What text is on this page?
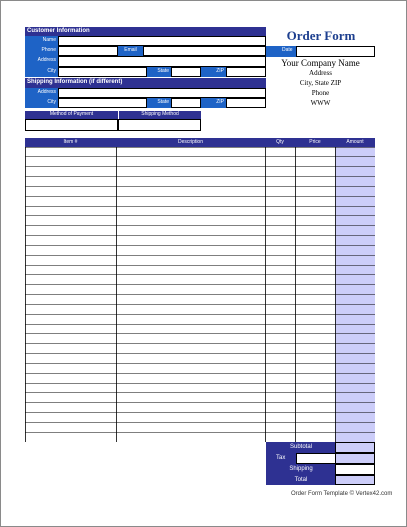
Customer Information
Name
Phone	Email
Address
City	State	ZIP
Shipping Information (if different)
Address
City	State	ZIP
Method of Payment	Shipping Method
Order Form
Date
Your Company Name
Address
City, State ZIP
Phone
WWW
Item #	Description	Qty	Price	Amount
Subtotal
Tax
Shipping
Total
Order Form Template © Vertex42.com
